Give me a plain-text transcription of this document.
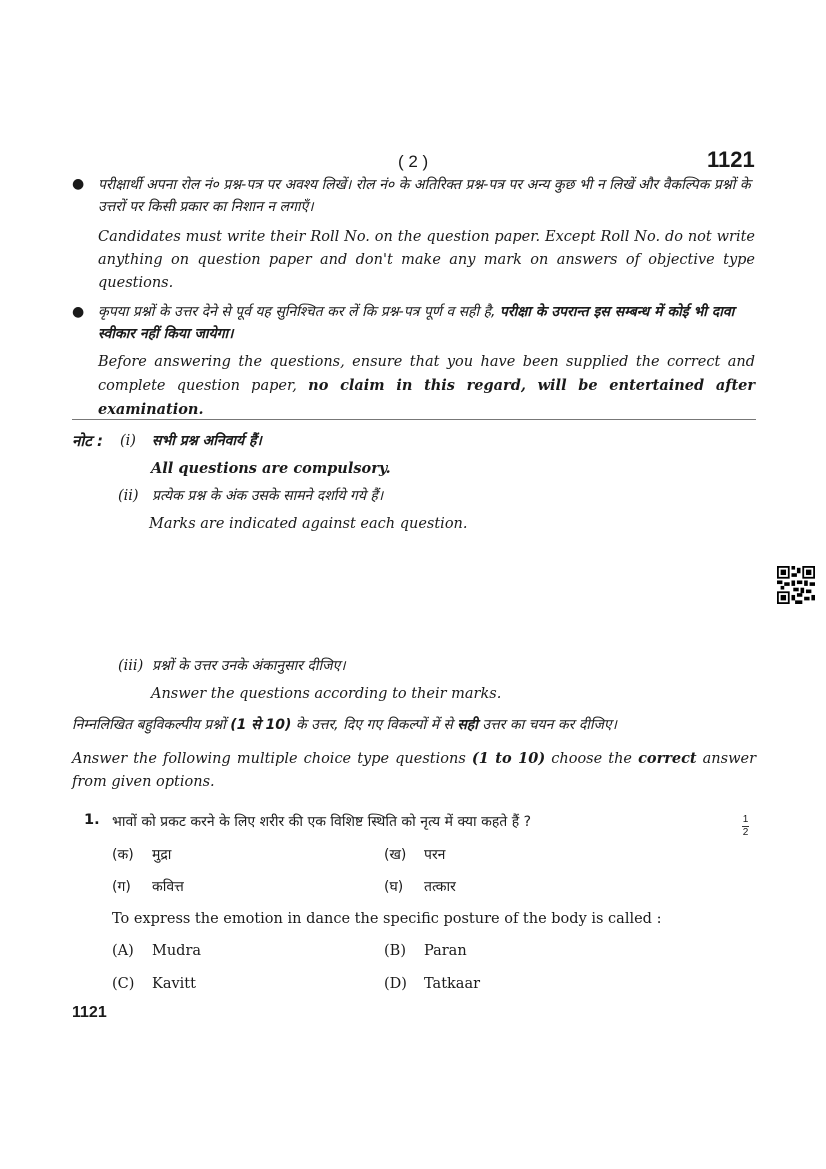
( 2 )	1121
● परीक्षार्थी अपना रोल नं० प्रश्न-पत्र पर अवश्य लिखें। रोल नं० के अतिरिक्त प्रश्न-पत्र पर अन्य कुछ भी न लिखें और वैकल्पिक प्रश्नों के उत्तरों पर किसी प्रकार का निशान न लगाएँ।
Candidates must write their Roll No. on the question paper. Except Roll No. do not write anything on question paper and don't make any mark on answers of objective type questions.
● कृपया प्रश्नों के उत्तर देने से पूर्व यह सुनिश्चित कर लें कि प्रश्न-पत्र पूर्ण व सही है, परीक्षा के उपरान्त इस सम्बन्ध में कोई भी दावा स्वीकार नहीं किया जायेगा।
Before answering the questions, ensure that you have been supplied the correct and complete question paper, no claim in this regard, will be entertained after examination.
नोट : (i) सभी प्रश्न अनिवार्य हैं।
All questions are compulsory.
(ii) प्रत्येक प्रश्न के अंक उसके सामने दर्शाये गये हैं।
Marks are indicated against each question.
(iii) प्रश्नों के उत्तर उनके अंकानुसार दीजिए।
Answer the questions according to their marks.
निम्नलिखित बहुविकल्पीय प्रश्नों (1 से 10) के उत्तर, दिए गए विकल्पों में से सही उत्तर का चयन कर दीजिए।
Answer the following multiple choice type questions (1 to 10) choose the correct answer from given options.
1. भावों को प्रकट करने के लिए शरीर की एक विशिष्ट स्थिति को नृत्य में क्या कहते हैं ?	1
2
(क) मुद्रा	(ख) परन
(ग) कवित्त	(घ) तत्कार
To express the emotion in dance the specific posture of the body is called :
(A) Mudra	(B) Paran
(C) Kavitt	(D) Tatkaar
1121
